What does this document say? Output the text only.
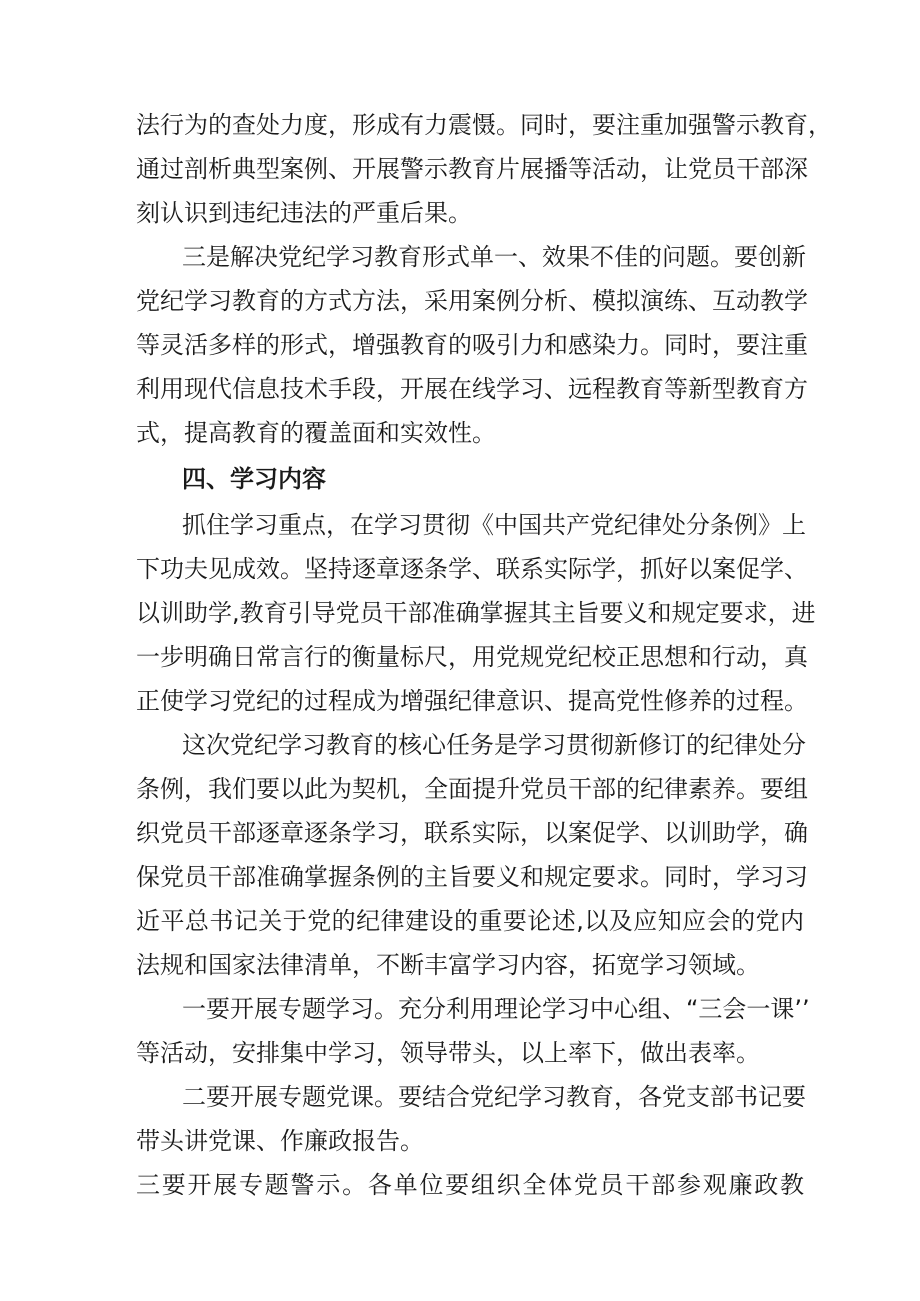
法行为的查处力度，形成有力震慑。同时，要注重加强警示教育，
通过剖析典型案例、开展警示教育片展播等活动，让党员干部深
刻认识到违纪违法的严重后果。
三是解决党纪学习教育形式单一、效果不佳的问题。要创新
党纪学习教育的方式方法，采用案例分析、模拟演练、互动教学
等灵活多样的形式，增强教育的吸引力和感染力。同时，要注重
利用现代信息技术手段，开展在线学习、远程教育等新型教育方
式，提高教育的覆盖面和实效性。
四、学习内容
抓住学习重点，在学习贯彻《中国共产党纪律处分条例》上
下功夫见成效。坚持逐章逐条学、联系实际学，抓好以案促学、
以训助学,教育引导党员干部准确掌握其主旨要义和规定要求，进
一步明确日常言行的衡量标尺，用党规党纪校正思想和行动，真
正使学习党纪的过程成为增强纪律意识、提高党性修养的过程。
这次党纪学习教育的核心任务是学习贯彻新修订的纪律处分
条例，我们要以此为契机，全面提升党员干部的纪律素养。要组
织党员干部逐章逐条学习，联系实际，以案促学、以训助学，确
保党员干部准确掌握条例的主旨要义和规定要求。同时，学习习
近平总书记关于党的纪律建设的重要论述,以及应知应会的党内
法规和国家法律清单，不断丰富学习内容，拓宽学习领域。
一要开展专题学习。充分利用理论学习中心组、“三会一课’’
等活动，安排集中学习，领导带头，以上率下，做出表率。
二要开展专题党课。要结合党纪学习教育，各党支部书记要
带头讲党课、作廉政报告。
三要开展专题警示。各单位要组织全体党员干部参观廉政教
